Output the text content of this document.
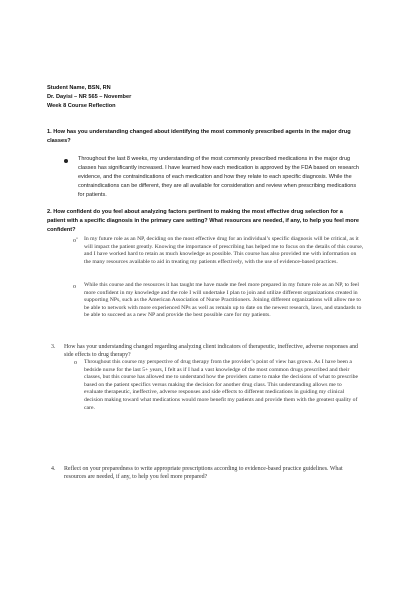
Student Name, BSN, RN
Dr. Dayisi – NR 565 – November
Week 8 Course Reflection
1. How has you understanding changed about identifying the most commonly prescribed agents in the major drug classes?
Throughout the last 8 weeks, my understanding of the most commonly prescribed medications in the major drug classes has significantly increased. I have learned how each medication is approved by the FDA based on research evidence, and the contraindications of each medication and how they relate to each specific diagnosis. While the contraindications can be different, they are all available for consideration and review when prescribing medications for patients.
2. How confident do you feel about analyzing factors pertinent to making the most effective drug selection for a patient with a specific diagnosis in the primary care setting? What resources are needed, if any, to help you feel more confident?
o˚ In my future role as an NP, deciding on the most effective drug for an individual’s specific diagnosis will be critical, as it will impact the patient greatly. Knowing the importance of prescribing has helped me to focus on the details of this course, and I have worked hard to retain as much knowledge as possible. This course has also provided me with information on the many resources available to aid in treating my patients effectively, with the use of evidence-based practices.
o While this course and the resources it has taught me have made me feel more prepared in my future role as an NP, to feel more confident in my knowledge and the role I will undertake I plan to join and utilize different organizations created in supporting NPs, such as the American Association of Nurse Practitioners. Joining different organizations will allow me to be able to network with more experienced NPs as well as remain up to date on the newest research, laws, and standards to be able to succeed as a new NP and provide the best possible care for my patients.
3. How has your understanding changed regarding analyzing client indicators of therapeutic, ineffective, adverse responses and side effects to drug therapy?
o Throughout this course my perspective of drug therapy from the provider’s point of view has grown. As I have been a bedside nurse for the last 5+ years, I felt as if I had a vast knowledge of the most common drugs prescribed and their classes, but this course has allowed me to understand how the providers came to make the decisions of what to prescribe based on the patient specifics versus making the decision for another drug class. This understanding allows me to evaluate therapeutic, ineffective, adverse responses and side effects to different medications in guiding my clinical decision making toward what medications would more benefit my patients and provide them with the greatest quality of care.
4. Reflect on your preparedness to write appropriate prescriptions according to evidence-based practice guidelines. What resources are needed, if any, to help you feel more prepared?
